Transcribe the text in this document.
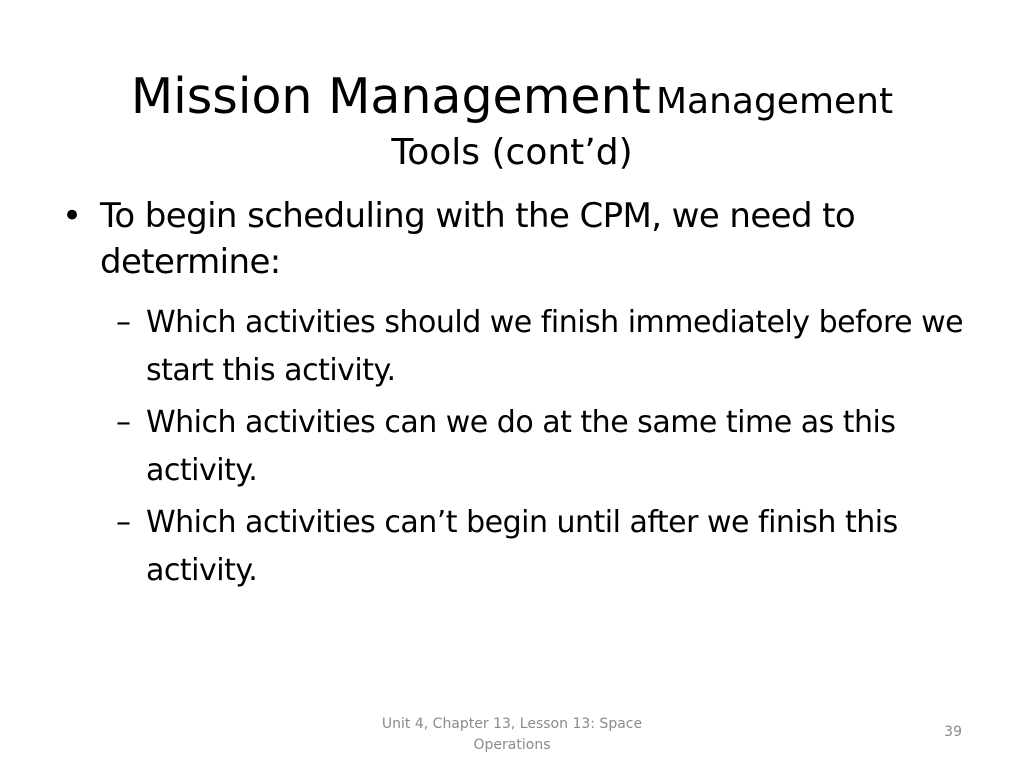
Mission Management Management
Tools (cont’d)
• To begin scheduling with the CPM, we need to determine:
– Which activities should we finish immediately before we start this activity.
– Which activities can we do at the same time as this activity.
– Which activities can’t begin until after we finish this activity.
Unit 4, Chapter 13, Lesson 13: Space Operations
39
